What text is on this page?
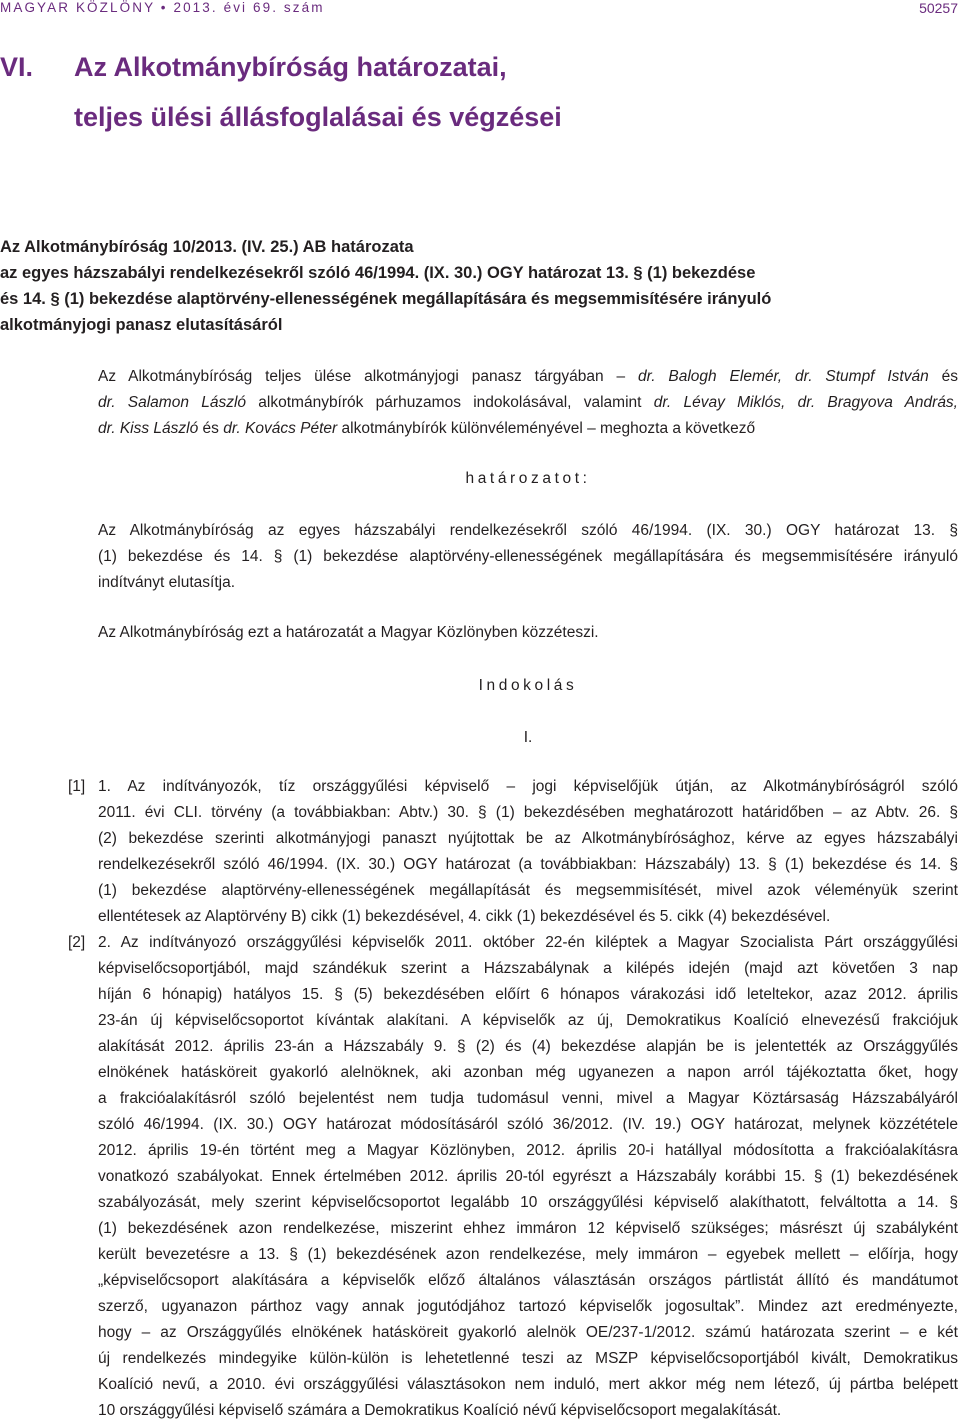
MAGYAR KÖZLÖNY • 2013. évi 69. szám	50257
VI. Az Alkotmánybíróság határozatai,
teljes ülési állásfoglalásai és végzései
Az Alkotmánybíróság 10/2013. (IV. 25.) AB határozata
az egyes házszabályi rendelkezésekről szóló 46/1994. (IX. 30.) OGY határozat 13. § (1) bekezdése
és 14. § (1) bekezdése alaptörvény-ellenességének megállapítására és megsemmisítésére irányuló
alkotmányjogi panasz elutasításáról
Az Alkotmánybíróság teljes ülése alkotmányjogi panasz tárgyában – dr. Balogh Elemér, dr. Stumpf István és
dr. Salamon László alkotmánybírók párhuzamos indokolásával, valamint dr. Lévay Miklós, dr. Bragyova András,
dr. Kiss László és dr. Kovács Péter alkotmánybírók különvéleményével – meghozta a következő
határozatot:
Az Alkotmánybíróság az egyes házszabályi rendelkezésekről szóló 46/1994. (IX. 30.) OGY határozat 13. §
(1) bekezdése és 14. § (1) bekezdése alaptörvény-ellenességének megállapítására és megsemmisítésére irányuló
indítványt elutasítja.
Az Alkotmánybíróság ezt a határozatát a Magyar Közlönyben közzéteszi.
Indokolás
I.
[1] 1. Az indítványozók, tíz országgyűlési képviselő – jogi képviselőjük útján, az Alkotmánybíróságról szóló
2011. évi CLI. törvény (a továbbiakban: Abtv.) 30. § (1) bekezdésében meghatározott határidőben – az Abtv. 26. §
(2) bekezdése szerinti alkotmányjogi panaszt nyújtottak be az Alkotmánybírósághoz, kérve az egyes házszabályi
rendelkezésekről szóló 46/1994. (IX. 30.) OGY határozat (a továbbiakban: Házszabály) 13. § (1) bekezdése és 14. §
(1) bekezdése alaptörvény-ellenességének megállapítását és megsemmisítését, mivel azok véleményük szerint
ellentétesek az Alaptörvény B) cikk (1) bekezdésével, 4. cikk (1) bekezdésével és 5. cikk (4) bekezdésével.
[2] 2. Az indítványozó országgyűlési képviselők 2011. október 22-én kiléptek a Magyar Szocialista Párt országgyűlési
képviselőcsoportjából, majd szándékuk szerint a Házszabálynak a kilépés idején (majd azt követően 3 nap
híján 6 hónapig) hatályos 15. § (5) bekezdésében előírt 6 hónapos várakozási idő leteltekor, azaz 2012. április
23-án új képviselőcsoportot kívántak alakítani. A képviselők az új, Demokratikus Koalíció elnevezésű frakciójuk
alakítását 2012. április 23-án a Házszabály 9. § (2) és (4) bekezdése alapján be is jelentették az Országgyűlés
elnökének hatásköreit gyakorló alelnöknek, aki azonban még ugyanezen a napon arról tájékoztatta őket, hogy
a frakcióalakításról szóló bejelentést nem tudja tudomásul venni, mivel a Magyar Köztársaság Házszabályáról
szóló 46/1994. (IX. 30.) OGY határozat módosításáról szóló 36/2012. (IV. 19.) OGY határozat, melynek közzététele
2012. április 19-én történt meg a Magyar Közlönyben, 2012. április 20-i hatállyal módosította a frakcióalakításra
vonatkozó szabályokat. Ennek értelmében 2012. április 20-tól egyrészt a Házszabály korábbi 15. § (1) bekezdésének
szabályozását, mely szerint képviselőcsoportot legalább 10 országgyűlési képviselő alakíthatott, felváltotta a 14. §
(1) bekezdésének azon rendelkezése, miszerint ehhez immáron 12 képviselő szükséges; másrészt új szabályként
került bevezetésre a 13. § (1) bekezdésének azon rendelkezése, mely immáron – egyebek mellett – előírja, hogy
„képviselőcsoport alakítására a képviselők előző általános választásán országos pártlistát állító és mandátumot
szerző, ugyanazon párthoz vagy annak jogutódjához tartozó képviselők jogosultak”. Mindez azt eredményezte,
hogy – az Országgyűlés elnökének hatásköreit gyakorló alelnök OE/237-1/2012. számú határozata szerint – e két
új rendelkezés mindegyike külön-külön is lehetetlenné teszi az MSZP képviselőcsoportjából kivált, Demokratikus
Koalíció nevű, a 2010. évi országgyűlési választásokon nem induló, mert akkor még nem létező, új pártba belépett
10 országgyűlési képviselő számára a Demokratikus Koalíció névű képviselőcsoport megalakítását.
